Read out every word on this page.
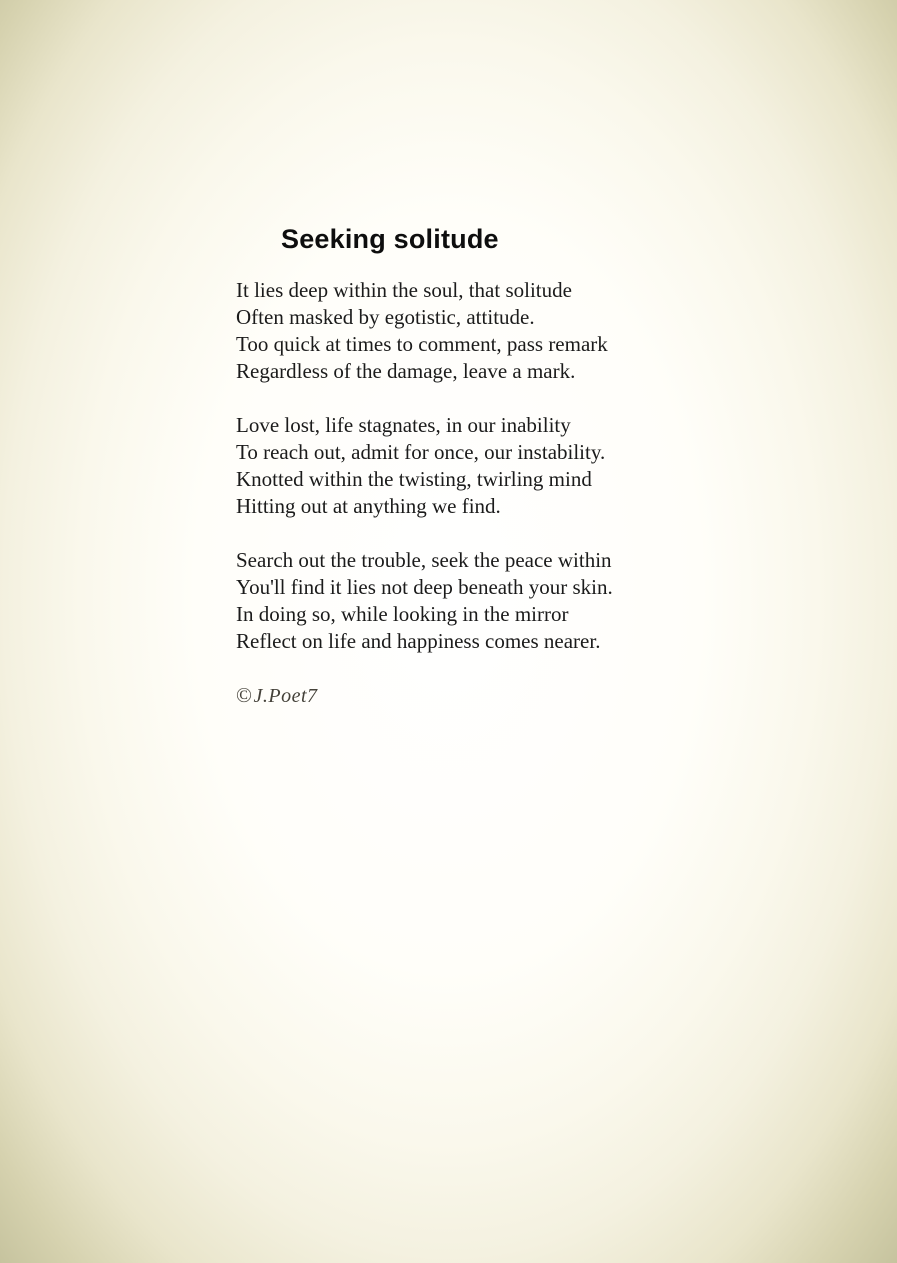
Seeking solitude
It lies deep within the soul, that solitude
Often masked by egotistic, attitude.
Too quick at times to comment, pass remark
Regardless of the damage, leave a mark.
Love lost, life stagnates, in our inability
To reach out, admit for once, our instability.
Knotted within the twisting, twirling mind
Hitting out at anything we find.
Search out the trouble, seek the peace within
You'll find it lies not deep beneath your skin.
In doing so, while looking in the mirror
Reflect on life and happiness comes nearer.
©J.Poet7
